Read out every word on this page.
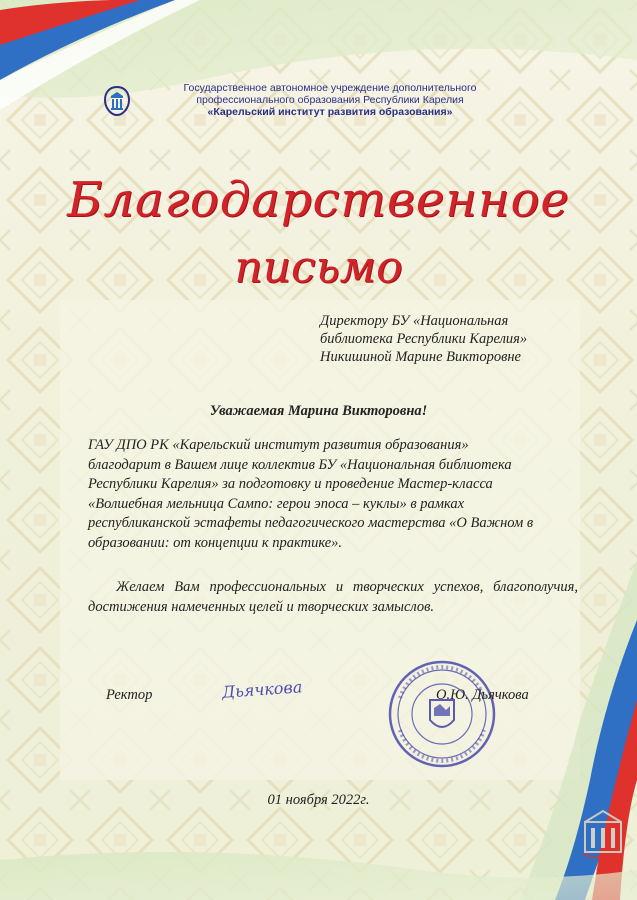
Государственное автономное учреждение дополнительного
профессионального образования Республики Карелия
«Карельский институт развития образования»
Благодарственное
письмо
Директору БУ «Национальная
библиотека Республики Карелия»
Никишиной Марине Викторовне
Уважаемая Марина Викторовна!
ГАУ ДПО РК «Карельский институт развития образования»
благодарит в Вашем лице коллектив БУ «Национальная библиотека
Республики Карелия» за подготовку и проведение Мастер-класса
«Волшебная мельница Сампо: герои эпоса – куклы» в рамках
республиканской эстафеты педагогического мастерства «О Важном в
образовании: от концепции к практике».
Желаем Вам профессиональных и творческих успехов, благополучия, достижения намеченных целей и творческих замыслов.
Ректор	Дьячкова	О.Ю. Дьячкова
01 ноября 2022г.
